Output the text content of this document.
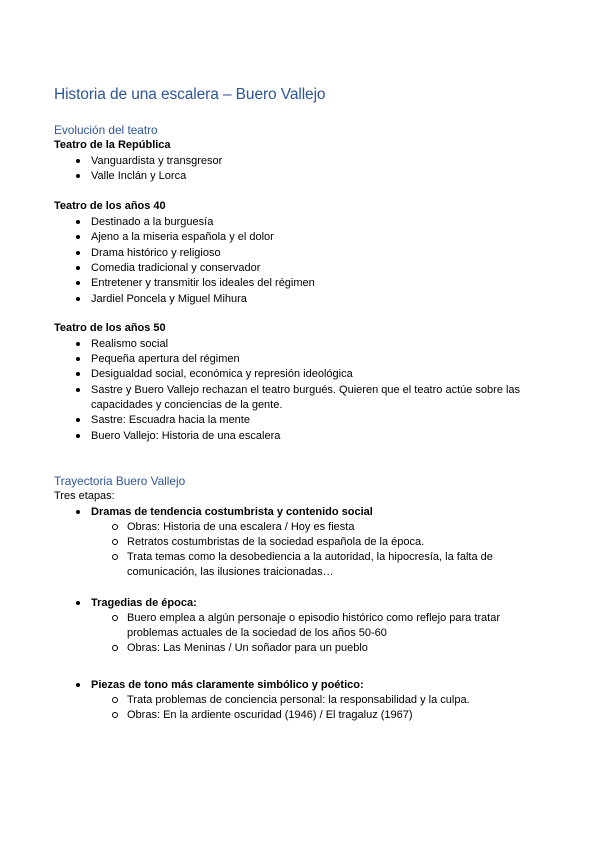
Historia de una escalera – Buero Vallejo
Evolución del teatro
Teatro de la República
Vanguardista y transgresor
Valle Inclán y Lorca
Teatro de los años 40
Destinado a la burguesía
Ajeno a la miseria española y el dolor
Drama histórico y religioso
Comedia tradicional y conservador
Entretener y transmitir los ideales del régimen
Jardiel Poncela y Miguel Mihura
Teatro de los años 50
Realismo social
Pequeña apertura del régimen
Desigualdad social, económica y represión ideológica
Sastre y Buero Vallejo rechazan el teatro burgués. Quieren que el teatro actúe sobre las capacidades y conciencias de la gente.
Sastre: Escuadra hacia la mente
Buero Vallejo: Historia de una escalera
Trayectoria Buero Vallejo
Tres etapas:
Dramas de tendencia costumbrista y contenido social
Obras: Historia de una escalera / Hoy es fiesta
Retratos costumbristas de la sociedad española de la época.
Trata temas como la desobediencia a la autoridad, la hipocresía, la falta de comunicación, las ilusiones traicionadas…
Tragedias de época:
Buero emplea a algún personaje o episodio histórico como reflejo para tratar problemas actuales de la sociedad de los años 50-60
Obras: Las Meninas / Un soñador para un pueblo
Piezas de tono más claramente simbólico y poético:
Trata problemas de conciencia personal: la responsabilidad y la culpa.
Obras: En la ardiente oscuridad (1946) / El tragaluz (1967)
